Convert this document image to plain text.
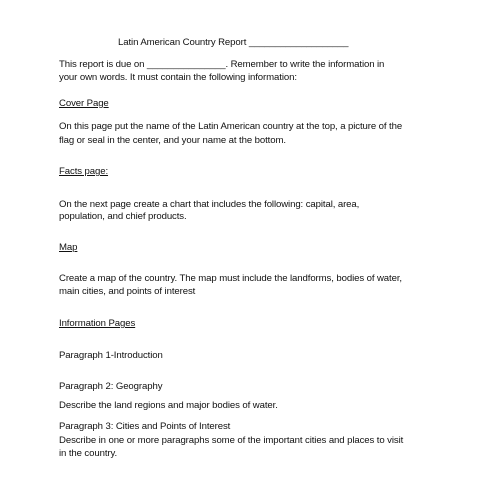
Latin American Country Report ___________________
This report is due on _______________. Remember to write the information in
your own words. It must contain the following information:
Cover Page
On this page put the name of the Latin American country at the top, a picture of the
flag or seal in the center, and your name at the bottom.
Facts page:
On the next page create a chart that includes the following: capital, area,
population, and chief products.
Map
Create a map of the country. The map must include the landforms, bodies of water,
main cities, and points of interest
Information Pages
Paragraph 1-Introduction
Paragraph 2: Geography
Describe the land regions and major bodies of water.
Paragraph 3: Cities and Points of Interest
Describe in one or more paragraphs some of the important cities and places to visit
in the country.
